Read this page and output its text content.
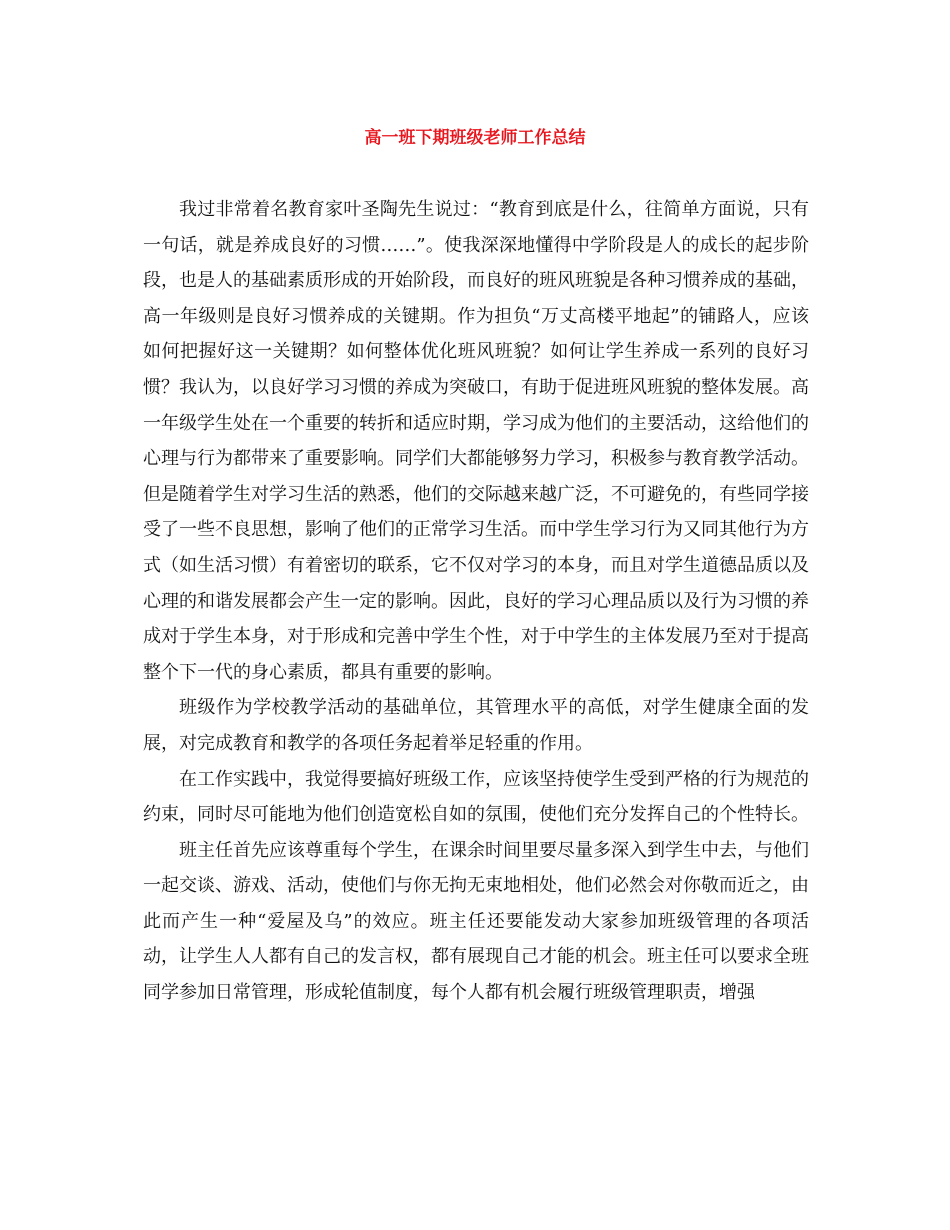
高一班下期班级老师工作总结

我过非常着名教育家叶圣陶先生说过：“教育到底是什么，往简单方面说，只有一句话，就是养成良好的习惯……”。使我深深地懂得中学阶段是人的成长的起步阶段，也是人的基础素质形成的开始阶段，而良好的班风班貌是各种习惯养成的基础，高一年级则是良好习惯养成的关键期。作为担负“万丈高楼平地起”的铺路人，应该如何把握好这一关键期？如何整体优化班风班貌？如何让学生养成一系列的良好习惯？我认为，以良好学习习惯的养成为突破口，有助于促进班风班貌的整体发展。高一年级学生处在一个重要的转折和适应时期，学习成为他们的主要活动，这给他们的心理与行为都带来了重要影响。同学们大都能够努力学习，积极参与教育教学活动。但是随着学生对学习生活的熟悉，他们的交际越来越广泛，不可避免的，有些同学接受了一些不良思想，影响了他们的正常学习生活。而中学生学习行为又同其他行为方式（如生活习惯）有着密切的联系，它不仅对学习的本身，而且对学生道德品质以及心理的和谐发展都会产生一定的影响。因此，良好的学习心理品质以及行为习惯的养成对于学生本身，对于形成和完善中学生个性，对于中学生的主体发展乃至对于提高整个下一代的身心素质，都具有重要的影响。

班级作为学校教学活动的基础单位，其管理水平的高低，对学生健康全面的发展，对完成教育和教学的各项任务起着举足轻重的作用。

在工作实践中，我觉得要搞好班级工作，应该坚持使学生受到严格的行为规范的约束，同时尽可能地为他们创造宽松自如的氛围，使他们充分发挥自己的个性特长。

班主任首先应该尊重每个学生，在课余时间里要尽量多深入到学生中去，与他们一起交谈、游戏、活动，使他们与你无拘无束地相处，他们必然会对你敬而近之，由此而产生一种“爱屋及乌”的效应。班主任还要能发动大家参加班级管理的各项活动，让学生人人都有自己的发言权，都有展现自己才能的机会。班主任可以要求全班同学参加日常管理，形成轮值制度，每个人都有机会履行班级管理职责，增强
